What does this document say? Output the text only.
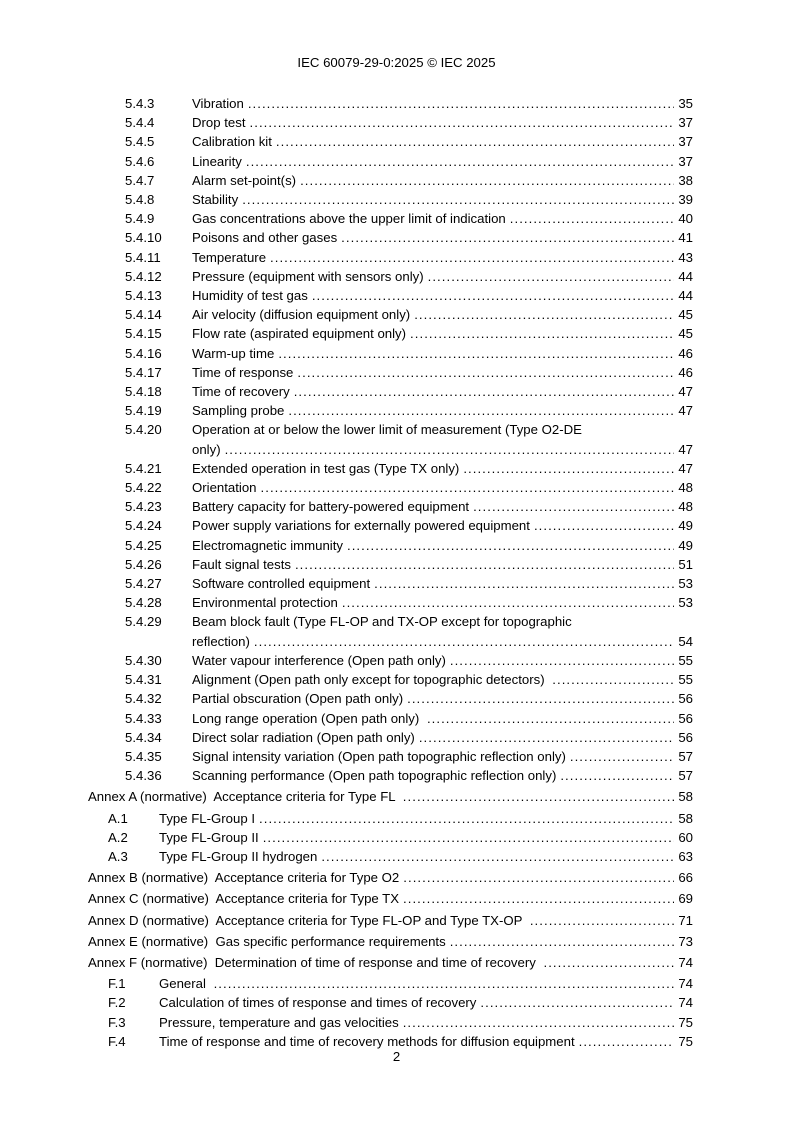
IEC 60079-29-0:2025 © IEC 2025
5.4.3	Vibration .....	35
5.4.4	Drop test .....	37
5.4.5	Calibration kit .....	37
5.4.6	Linearity .....	37
5.4.7	Alarm set-point(s) .....	38
5.4.8	Stability .....	39
5.4.9	Gas concentrations above the upper limit of indication .....	40
5.4.10	Poisons and other gases .....	41
5.4.11	Temperature .....	43
5.4.12	Pressure (equipment with sensors only) .....	44
5.4.13	Humidity of test gas .....	44
5.4.14	Air velocity (diffusion equipment only) .....	45
5.4.15	Flow rate (aspirated equipment only) .....	45
5.4.16	Warm-up time .....	46
5.4.17	Time of response .....	46
5.4.18	Time of recovery .....	47
5.4.19	Sampling probe .....	47
5.4.20	Operation at or below the lower limit of measurement (Type O2-DE
only) .....	47
5.4.21	Extended operation in test gas (Type TX only) .....	47
5.4.22	Orientation .....	48
5.4.23	Battery capacity for battery-powered equipment .....	48
5.4.24	Power supply variations for externally powered equipment .....	49
5.4.25	Electromagnetic immunity .....	49
5.4.26	Fault signal tests .....	51
5.4.27	Software controlled equipment .....	53
5.4.28	Environmental protection .....	53
5.4.29	Beam block fault (Type FL-OP and TX-OP except for topographic
reflection) .....	54
5.4.30	Water vapour interference (Open path only) .....	55
5.4.31	Alignment (Open path only except for topographic detectors) .....	55
5.4.32	Partial obscuration (Open path only) .....	56
5.4.33	Long range operation (Open path only) .....	56
5.4.34	Direct solar radiation (Open path only) .....	56
5.4.35	Signal intensity variation (Open path topographic reflection only) .....	57
5.4.36	Scanning performance (Open path topographic reflection only) .....	57
Annex A (normative)  Acceptance criteria for Type FL .....	58
A.1	Type FL-Group I .....	58
A.2	Type FL-Group II .....	60
A.3	Type FL-Group II hydrogen .....	63
Annex B (normative)  Acceptance criteria for Type O2 .....	66
Annex C (normative)  Acceptance criteria for Type TX .....	69
Annex D (normative)  Acceptance criteria for Type FL-OP and Type TX-OP .....	71
Annex E (normative)  Gas specific performance requirements .....	73
Annex F (normative)  Determination of time of response and time of recovery .....	74
F.1	General .....	74
F.2	Calculation of times of response and times of recovery .....	74
F.3	Pressure, temperature and gas velocities .....	75
F.4	Time of response and time of recovery methods for diffusion equipment .....	75
2
